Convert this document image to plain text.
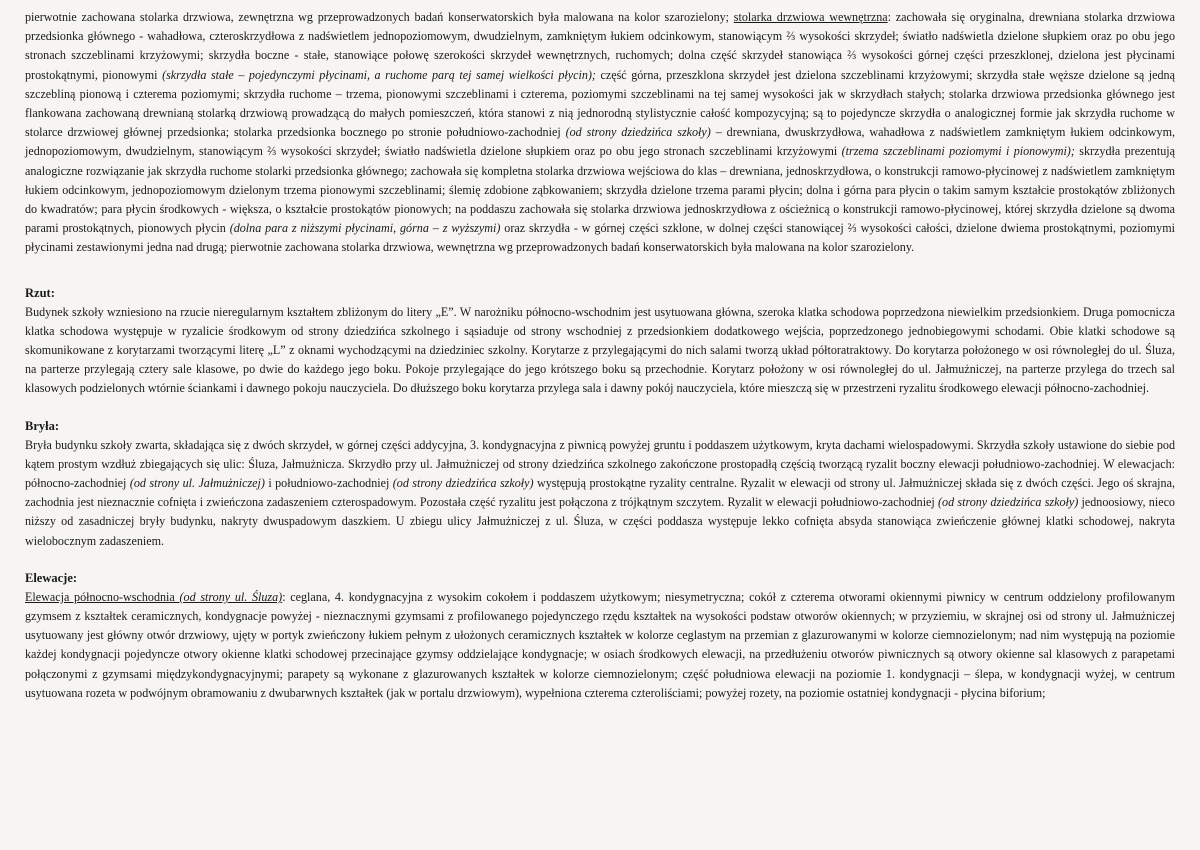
pierwotnie zachowana stolarka drzwiowa, zewnętrzna wg przeprowadzonych badań konserwatorskich była malowana na kolor szarozielony; stolarka drzwiowa wewnętrzna: zachowała się oryginalna, drewniana stolarka drzwiowa przedsionka głównego - wahadłowa, czteroskrzydłowa z nadświetlem jednopoziomowym, dwudzielnym, zamkniętym łukiem odcinkowym, stanowiącym ⅔ wysokości skrzydeł; światło nadświetla dzielone słupkiem oraz po obu jego stronach szczeblinami krzyżowymi; skrzydła boczne - stałe, stanowiące połowę szerokości skrzydeł wewnętrznych, ruchomych; dolna część skrzydeł stanowiąca ⅔ wysokości górnej części przeszklonej, dzielona jest płycinami prostokątnymi, pionowymi (skrzydła stałe – pojedynczymi płycinami, a ruchome parą tej samej wielkości płycin); część górna, przeszklona skrzydeł jest dzielona szczeblinami krzyżowymi; skrzydła stałe węższe dzielone są jedną szczebliną pionową i czterema poziomymi; skrzydła ruchome – trzema, pionowymi szczeblinami i czterema, poziomymi szczeblinami na tej samej wysokości jak w skrzydłach stałych; stolarka drzwiowa przedsionka głównego jest flankowana zachowaną drewnianą stolarką drzwiową prowadzącą do małych pomieszczeń, która stanowi z nią jednorodną stylistycznie całość kompozycyjną; są to pojedyncze skrzydła o analogicznej formie jak skrzydła ruchome w stolarce drzwiowej głównej przedsionka; stolarka przedsionka bocznego po stronie południowo-zachodniej (od strony dziedzińca szkoły) – drewniana, dwuskrzydłowa, wahadłowa z nadświetlem zamkniętym łukiem odcinkowym, jednopoziomowym, dwudzielnym, stanowiącym ⅔ wysokości skrzydeł; światło nadświetla dzielone słupkiem oraz po obu jego stronach szczeblinami krzyżowymi (trzema szczeblinami poziomymi i pionowymi); skrzydła prezentują analogiczne rozwiązanie jak skrzydła ruchome stolarki przedsionka głównego; zachowała się kompletna stolarka drzwiowa wejściowa do klas – drewniana, jednoskrzydłowa, o konstrukcji ramowo-płycinowej z nadświetlem zamkniętym łukiem odcinkowym, jednopoziomowym dzielonym trzema pionowymi szczeblinami; ślemię zdobione ząbkowaniem; skrzydła dzielone trzema parami płycin; dolna i górna para płycin o takim samym kształcie prostokątów zbliżonych do kwadratów; para płycin środkowych - większa, o kształcie prostokątów pionowych; na poddaszu zachowała się stolarka drzwiowa jednoskrzydłowa z ościeżnicą o konstrukcji ramowo-płycinowej, której skrzydła dzielone są dwoma parami prostokątnych, pionowych płycin (dolna para z niższymi płycinami, górna – z wyższymi) oraz skrzydła - w górnej części szklone, w dolnej części stanowiącej ⅔ wysokości całości, dzielone dwiema prostokątnymi, poziomymi płycinami zestawionymi jedna nad drugą; pierwotnie zachowana stolarka drzwiowa, wewnętrzna wg przeprowadzonych badań konserwatorskich była malowana na kolor szarozielony.

Rzut:

Budynek szkoły wzniesiono na rzucie nieregularnym kształtem zbliżonym do litery „E”. W narożniku północno-wschodnim jest usytuowana główna, szeroka klatka schodowa poprzedzona niewielkim przedsionkiem. Druga pomocnicza klatka schodowa występuje w ryzalicie środkowym od strony dziedzińca szkolnego i sąsiaduje od strony wschodniej z przedsionkiem dodatkowego wejścia, poprzedzonego jednobiegowymi schodami. Obie klatki schodowe są skomunikowane z korytarzami tworzącymi literę „L” z oknami wychodzącymi na dziedziniec szkolny. Korytarze z przylegającymi do nich salami tworzą układ półtoratraktowy. Do korytarza położonego w osi równoległej do ul. Śluza, na parterze przylegają cztery sale klasowe, po dwie do każdego jego boku. Pokoje przylegające do jego krótszego boku są przechodnie. Korytarz położony w osi równoległej do ul. Jałmużniczej, na parterze przylega do trzech sal klasowych podzielonych wtórnie ściankami i dawnego pokoju nauczyciela. Do dłuższego boku korytarza przylega sala i dawny pokój nauczyciela, które mieszczą się w przestrzeni ryzalitu środkowego elewacji północno-zachodniej.

Bryła:

Bryła budynku szkoły zwarta, składająca się z dwóch skrzydeł, w górnej części addycyjna, 3. kondygnacyjna z piwnicą powyżej gruntu i poddaszem użytkowym, kryta dachami wielospadowymi. Skrzydła szkoły ustawione do siebie pod kątem prostym wzdłuż zbiegających się ulic: Śluza, Jałmużnicza. Skrzydło przy ul. Jałmużniczej od strony dziedzińca szkolnego zakończone prostopadłą częścią tworzącą ryzalit boczny elewacji południowo-zachodniej. W elewacjach: północno-zachodniej (od strony ul. Jałmużniczej) i południowo-zachodniej (od strony dziedzińca szkoły) występują prostokątne ryzality centralne. Ryzalit w elewacji od strony ul. Jałmużniczej składa się z dwóch części. Jego oś skrajna, zachodnia jest nieznacznie cofnięta i zwieńczona zadaszeniem czterospadowym. Pozostała część ryzalitu jest połączona z trójkątnym szczytem. Ryzalit w elewacji południowo-zachodniej (od strony dziedzińca szkoły) jednoosiowy, nieco niższy od zasadniczej bryły budynku, nakryty dwuspadowym daszkiem. U zbiegu ulicy Jałmużniczej z ul. Śluza, w części poddasza występuje lekko cofnięta absyda stanowiąca zwieńczenie głównej klatki schodowej, nakryta wielobocznym zadaszeniem.

Elewacje:

Elewacja północno-wschodnia (od strony ul. Śluza): ceglana, 4. kondygnacyjna z wysokim cokołem i poddaszem użytkowym; niesymetryczna; cokół z czterema otworami okiennymi piwnicy w centrum oddzielony profilowanym gzymsem z kształtek ceramicznych, kondygnacje powyżej - nieznacznymi gzymsami z profilowanego pojedynczego rzędu kształtek na wysokości podstaw otworów okiennych; w przyziemiu, w skrajnej osi od strony ul. Jałmużniczej usytuowany jest główny otwór drzwiowy, ujęty w portyk zwieńczony łukiem pełnym z ułożonych ceramicznych kształtek w kolorze ceglastym na przemian z glazurowanymi w kolorze ciemnozielonym; nad nim występują na poziomie każdej kondygnacji pojedyncze otwory okienne klatki schodowej przecinające gzymsy oddzielające kondygnacje; w osiach środkowych elewacji, na przedłużeniu otworów piwnicznych są otwory okienne sal klasowych z parapetami połączonymi z gzymsami międzykondygnacyjnymi; parapety są wykonane z glazurowanych kształtek w kolorze ciemnozielonym; część południowa elewacji na poziomie 1. kondygnacji – ślepa, w kondygnacji wyżej, w centrum usytuowana rozeta w podwójnym obramowaniu z dwubarwnych kształtek (jak w portalu drzwiowym), wypełniona czterema czteroliściami; powyżej rozety, na poziomie ostatniej kondygnacji - płycina biforium;
